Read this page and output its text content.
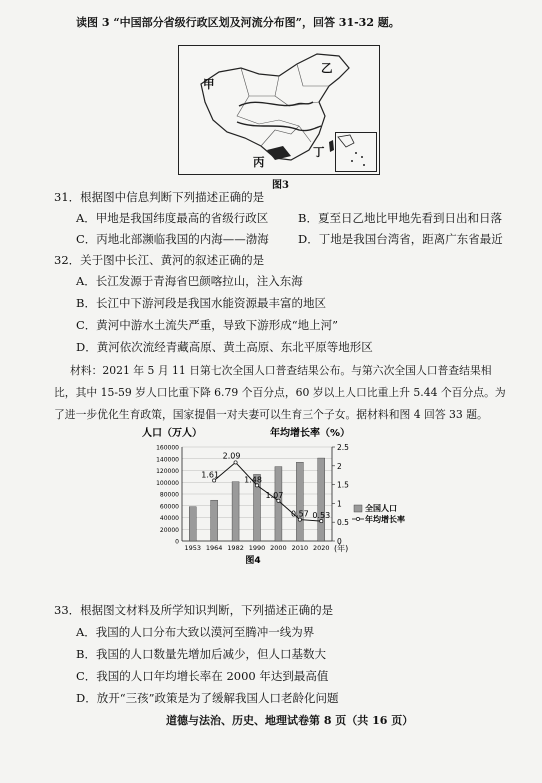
读图 3 “中国部分省级行政区划及河流分布图”，回答 31-32 题。
甲
乙
丙
丁
图3
31．根据图中信息判断下列描述正确的是
A．甲地是我国纬度最高的省级行政区	B．夏至日乙地比甲地先看到日出和日落
C．丙地北部濒临我国的内海——渤海	D．丁地是我国台湾省，距离广东省最近
32．关于图中长江、黄河的叙述正确的是
A．长江发源于青海省巴颜喀拉山，注入东海
B．长江中下游河段是我国水能资源最丰富的地区
C．黄河中游水土流失严重，导致下游形成“地上河”
D．黄河依次流经青藏高原、黄土高原、东北平原等地形区
材料：2021 年 5 月 11 日第七次全国人口普查结果公布。与第六次全国人口普查结果相
比，其中 15-59 岁人口比重下降 6.79 个百分点，60 岁以上人口比重上升 5.44 个百分点。为
了进一步优化生育政策，国家提倡一对夫妻可以生育三个子女。据材料和图 4 回答 33 题。
人口（万人）	年均增长率（%）
0
20000
40000
60000
80000
100000
120000
140000
160000
0
0.5
1
1.5
2
2.5
1953 1964 1982 1990 2000 2010 2020 (年)
1.61
2.09
1.48
1.07
0.57 0.53
全国人口
年均增长率
图4
33．根据图文材料及所学知识判断，下列描述正确的是
A．我国的人口分布大致以漠河至腾冲一线为界
B．我国的人口数量先增加后减少，但人口基数大
C．我国的人口年均增长率在 2000 年达到最高值
D．放开“三孩”政策是为了缓解我国人口老龄化问题
道德与法治、历史、地理试卷第 8 页（共 16 页）
